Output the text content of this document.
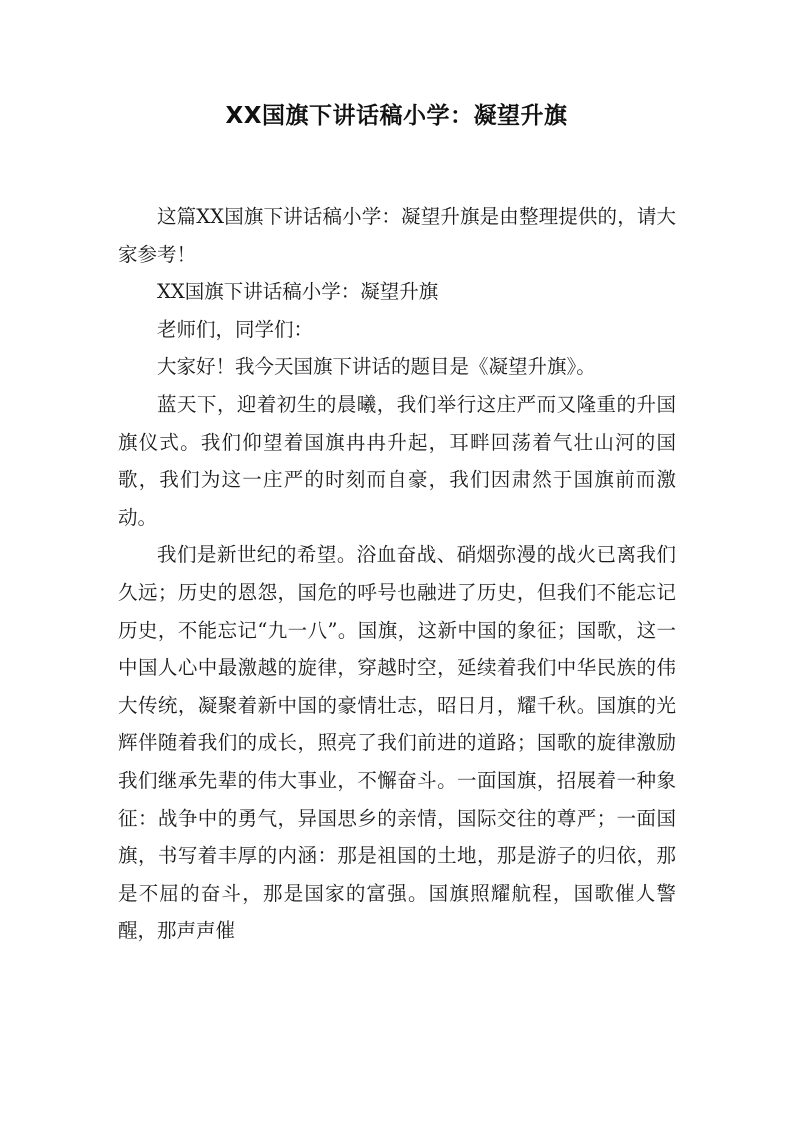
XX国旗下讲话稿小学：凝望升旗

这篇XX国旗下讲话稿小学：凝望升旗是由整理提供的，请大家参考！

XX国旗下讲话稿小学：凝望升旗

老师们，同学们：

大家好！我今天国旗下讲话的题目是《凝望升旗》。

蓝天下，迎着初生的晨曦，我们举行这庄严而又隆重的升国旗仪式。我们仰望着国旗冉冉升起，耳畔回荡着气壮山河的国歌，我们为这一庄严的时刻而自豪，我们因肃然于国旗前而激动。

我们是新世纪的希望。浴血奋战、硝烟弥漫的战火已离我们久远；历史的恩怨，国危的呼号也融进了历史，但我们不能忘记历史，不能忘记“九一八”。国旗，这新中国的象征；国歌，这一中国人心中最激越的旋律，穿越时空，延续着我们中华民族的伟大传统，凝聚着新中国的豪情壮志，昭日月，耀千秋。国旗的光辉伴随着我们的成长，照亮了我们前进的道路；国歌的旋律激励我们继承先辈的伟大事业，不懈奋斗。一面国旗，招展着一种象征：战争中的勇气，异国思乡的亲情，国际交往的尊严；一面国旗，书写着丰厚的内涵：那是祖国的土地，那是游子的归依，那是不屈的奋斗，那是国家的富强。国旗照耀航程，国歌催人警醒，那声声催
